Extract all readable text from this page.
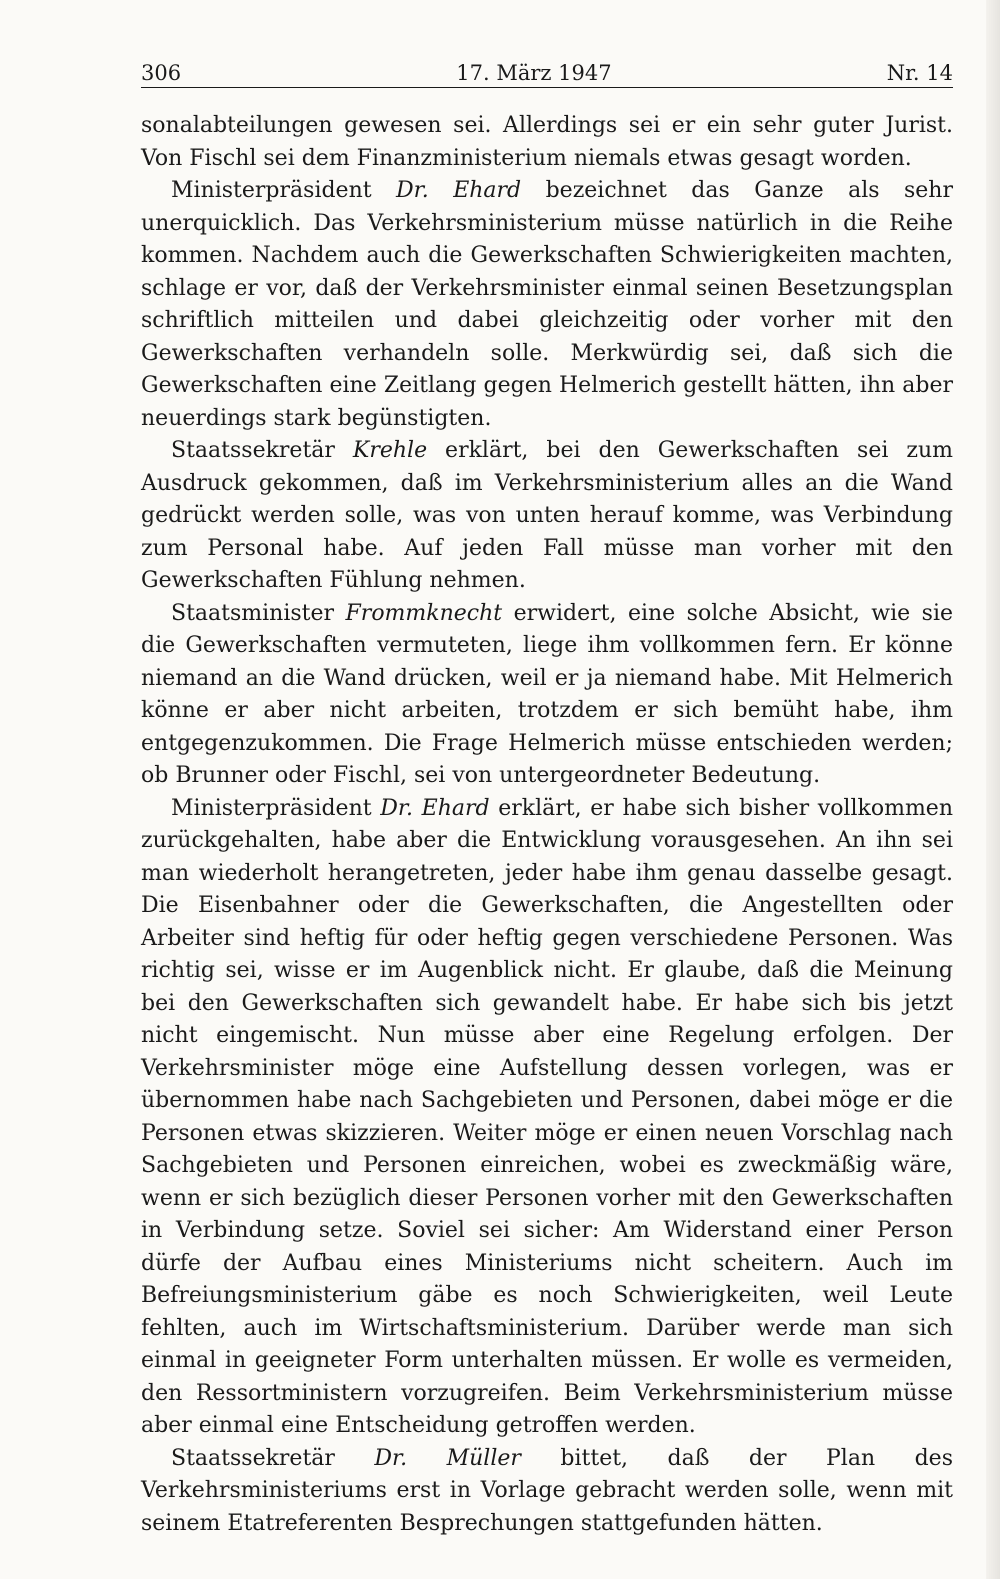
306	17. März 1947	Nr. 14

sonalabteilungen gewesen sei. Allerdings sei er ein sehr guter Jurist. Von Fischl sei dem Finanzministerium niemals etwas gesagt worden.

Ministerpräsident Dr. Ehard bezeichnet das Ganze als sehr unerquicklich. Das Verkehrsministerium müsse natürlich in die Reihe kommen. Nachdem auch die Gewerkschaften Schwierigkeiten machten, schlage er vor, daß der Verkehrsminister einmal seinen Besetzungsplan schriftlich mitteilen und dabei gleichzeitig oder vorher mit den Gewerkschaften verhandeln solle. Merkwürdig sei, daß sich die Gewerkschaften eine Zeitlang gegen Helmerich gestellt hätten, ihn aber neuerdings stark begünstigten.

Staatssekretär Krehle erklärt, bei den Gewerkschaften sei zum Ausdruck gekommen, daß im Verkehrsministerium alles an die Wand gedrückt werden solle, was von unten herauf komme, was Verbindung zum Personal habe. Auf jeden Fall müsse man vorher mit den Gewerkschaften Fühlung nehmen.

Staatsminister Frommknecht erwidert, eine solche Absicht, wie sie die Gewerkschaften vermuteten, liege ihm vollkommen fern. Er könne niemand an die Wand drücken, weil er ja niemand habe. Mit Helmerich könne er aber nicht arbeiten, trotzdem er sich bemüht habe, ihm entgegenzukommen. Die Frage Helmerich müsse entschieden werden; ob Brunner oder Fischl, sei von untergeordneter Bedeutung.

Ministerpräsident Dr. Ehard erklärt, er habe sich bisher vollkommen zurückgehalten, habe aber die Entwicklung vorausgesehen. An ihn sei man wiederholt herangetreten, jeder habe ihm genau dasselbe gesagt. Die Eisenbahner oder die Gewerkschaften, die Angestellten oder Arbeiter sind heftig für oder heftig gegen verschiedene Personen. Was richtig sei, wisse er im Augenblick nicht. Er glaube, daß die Meinung bei den Gewerkschaften sich gewandelt habe. Er habe sich bis jetzt nicht eingemischt. Nun müsse aber eine Regelung erfolgen. Der Verkehrsminister möge eine Aufstellung dessen vorlegen, was er übernommen habe nach Sachgebieten und Personen, dabei möge er die Personen etwas skizzieren. Weiter möge er einen neuen Vorschlag nach Sachgebieten und Personen einreichen, wobei es zweckmäßig wäre, wenn er sich bezüglich dieser Personen vorher mit den Gewerkschaften in Verbindung setze. Soviel sei sicher: Am Widerstand einer Person dürfe der Aufbau eines Ministeriums nicht scheitern. Auch im Befreiungsministerium gäbe es noch Schwierigkeiten, weil Leute fehlten, auch im Wirtschaftsministerium. Darüber werde man sich einmal in geeigneter Form unterhalten müssen. Er wolle es vermeiden, den Ressortministern vorzugreifen. Beim Verkehrsministerium müsse aber einmal eine Entscheidung getroffen werden.

Staatssekretär Dr. Müller bittet, daß der Plan des Verkehrsministeriums erst in Vorlage gebracht werden solle, wenn mit seinem Etatreferenten Besprechungen stattgefunden hätten.
